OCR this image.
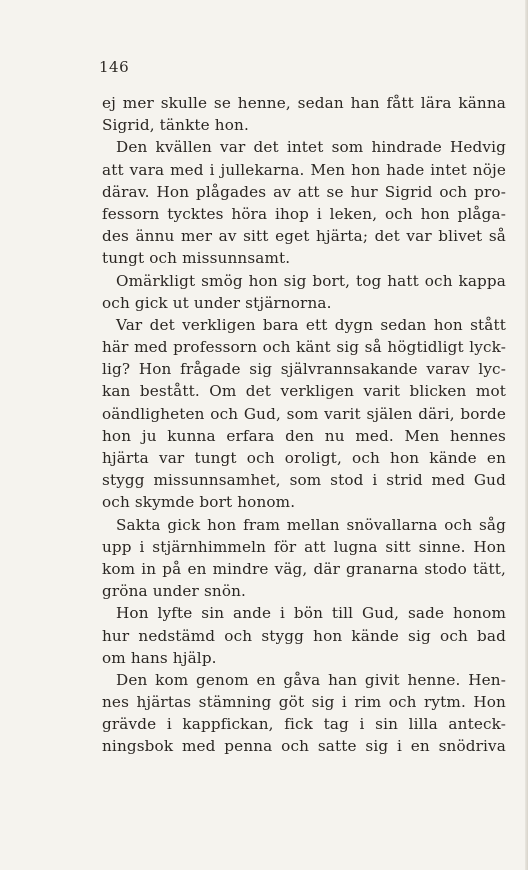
146
ej mer skulle se henne, sedan han fått lära känna
Sigrid, tänkte hon.
Den kvällen var det intet som hindrade Hedvig
att vara med i jullekarna. Men hon hade intet nöje
därav. Hon plågades av att se hur Sigrid och pro-
fessorn tycktes höra ihop i leken, och hon plåga-
des ännu mer av sitt eget hjärta; det var blivet så
tungt och missunnsamt.
Omärkligt smög hon sig bort, tog hatt och kappa
och gick ut under stjärnorna.
Var det verkligen bara ett dygn sedan hon stått
här med professorn och känt sig så högtidligt lyck-
lig? Hon frågade sig självrannsakande varav lyc-
kan bestått. Om det verkligen varit blicken mot
oändligheten och Gud, som varit själen däri, borde
hon ju kunna erfara den nu med. Men hennes
hjärta var tungt och oroligt, och hon kände en
stygg missunnsamhet, som stod i strid med Gud
och skymde bort honom.
Sakta gick hon fram mellan snövallarna och såg
upp i stjärnhimmeln för att lugna sitt sinne. Hon
kom in på en mindre väg, där granarna stodo tätt,
gröna under snön.
Hon lyfte sin ande i bön till Gud, sade honom
hur nedstämd och stygg hon kände sig och bad
om hans hjälp.
Den kom genom en gåva han givit henne. Hen-
nes hjärtas stämning göt sig i rim och rytm. Hon
grävde i kappfickan, fick tag i sin lilla anteck-
ningsbok med penna och satte sig i en snödriva
